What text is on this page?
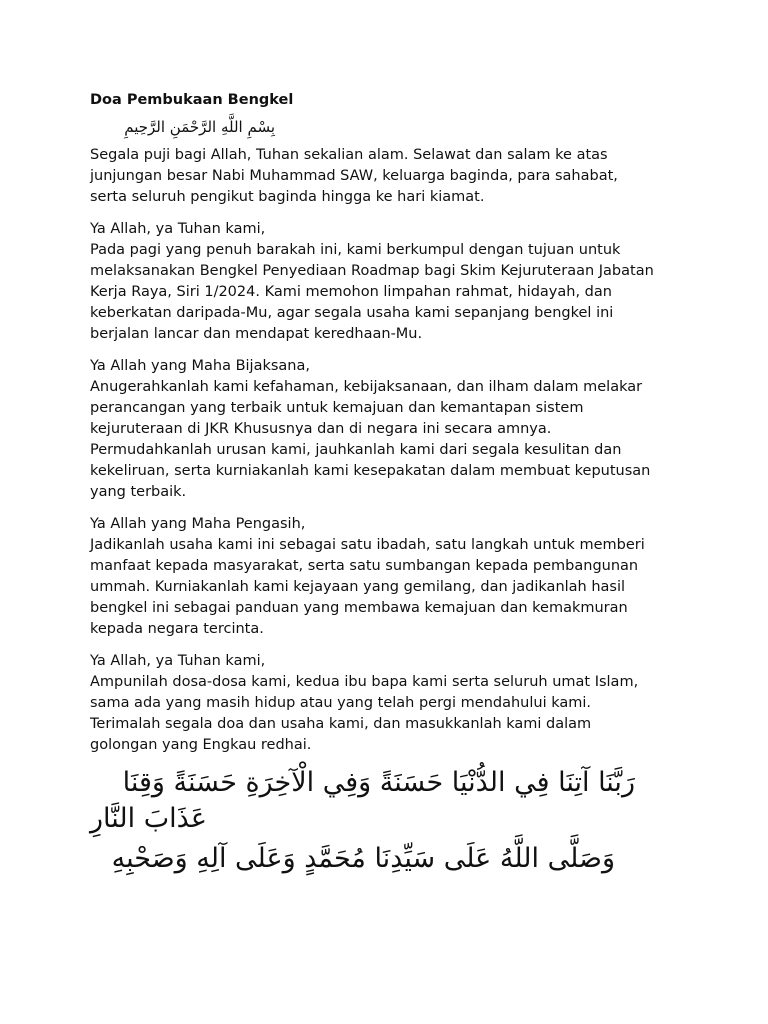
Doa Pembukaan Bengkel
بِسْمِ اللَّهِ الرَّحْمَنِ الرَّحِيمِ
Segala puji bagi Allah, Tuhan sekalian alam. Selawat dan salam ke atas
junjungan besar Nabi Muhammad SAW, keluarga baginda, para sahabat,
serta seluruh pengikut baginda hingga ke hari kiamat.
Ya Allah, ya Tuhan kami,
Pada pagi yang penuh barakah ini, kami berkumpul dengan tujuan untuk
melaksanakan Bengkel Penyediaan Roadmap bagi Skim Kejuruteraan Jabatan
Kerja Raya, Siri 1/2024. Kami memohon limpahan rahmat, hidayah, dan
keberkatan daripada-Mu, agar segala usaha kami sepanjang bengkel ini
berjalan lancar dan mendapat keredhaan-Mu.
Ya Allah yang Maha Bijaksana,
Anugerahkanlah kami kefahaman, kebijaksanaan, dan ilham dalam melakar
perancangan yang terbaik untuk kemajuan dan kemantapan sistem
kejuruteraan di JKR Khususnya dan di negara ini secara amnya.
Permudahkanlah urusan kami, jauhkanlah kami dari segala kesulitan dan
kekeliruan, serta kurniakanlah kami kesepakatan dalam membuat keputusan
yang terbaik.
Ya Allah yang Maha Pengasih,
Jadikanlah usaha kami ini sebagai satu ibadah, satu langkah untuk memberi
manfaat kepada masyarakat, serta satu sumbangan kepada pembangunan
ummah. Kurniakanlah kami kejayaan yang gemilang, dan jadikanlah hasil
bengkel ini sebagai panduan yang membawa kemajuan dan kemakmuran
kepada negara tercinta.
Ya Allah, ya Tuhan kami,
Ampunilah dosa-dosa kami, kedua ibu bapa kami serta seluruh umat Islam,
sama ada yang masih hidup atau yang telah pergi mendahului kami.
Terimalah segala doa dan usaha kami, dan masukkanlah kami dalam
golongan yang Engkau redhai.
رَبَّنَا آتِنَا فِي الدُّنْيَا حَسَنَةً وَفِي الْآخِرَةِ حَسَنَةً وَقِنَا
عَذَابَ النَّارِ
وَصَلَّى اللَّهُ عَلَى سَيِّدِنَا مُحَمَّدٍ وَعَلَى آلِهِ وَصَحْبِهِ
